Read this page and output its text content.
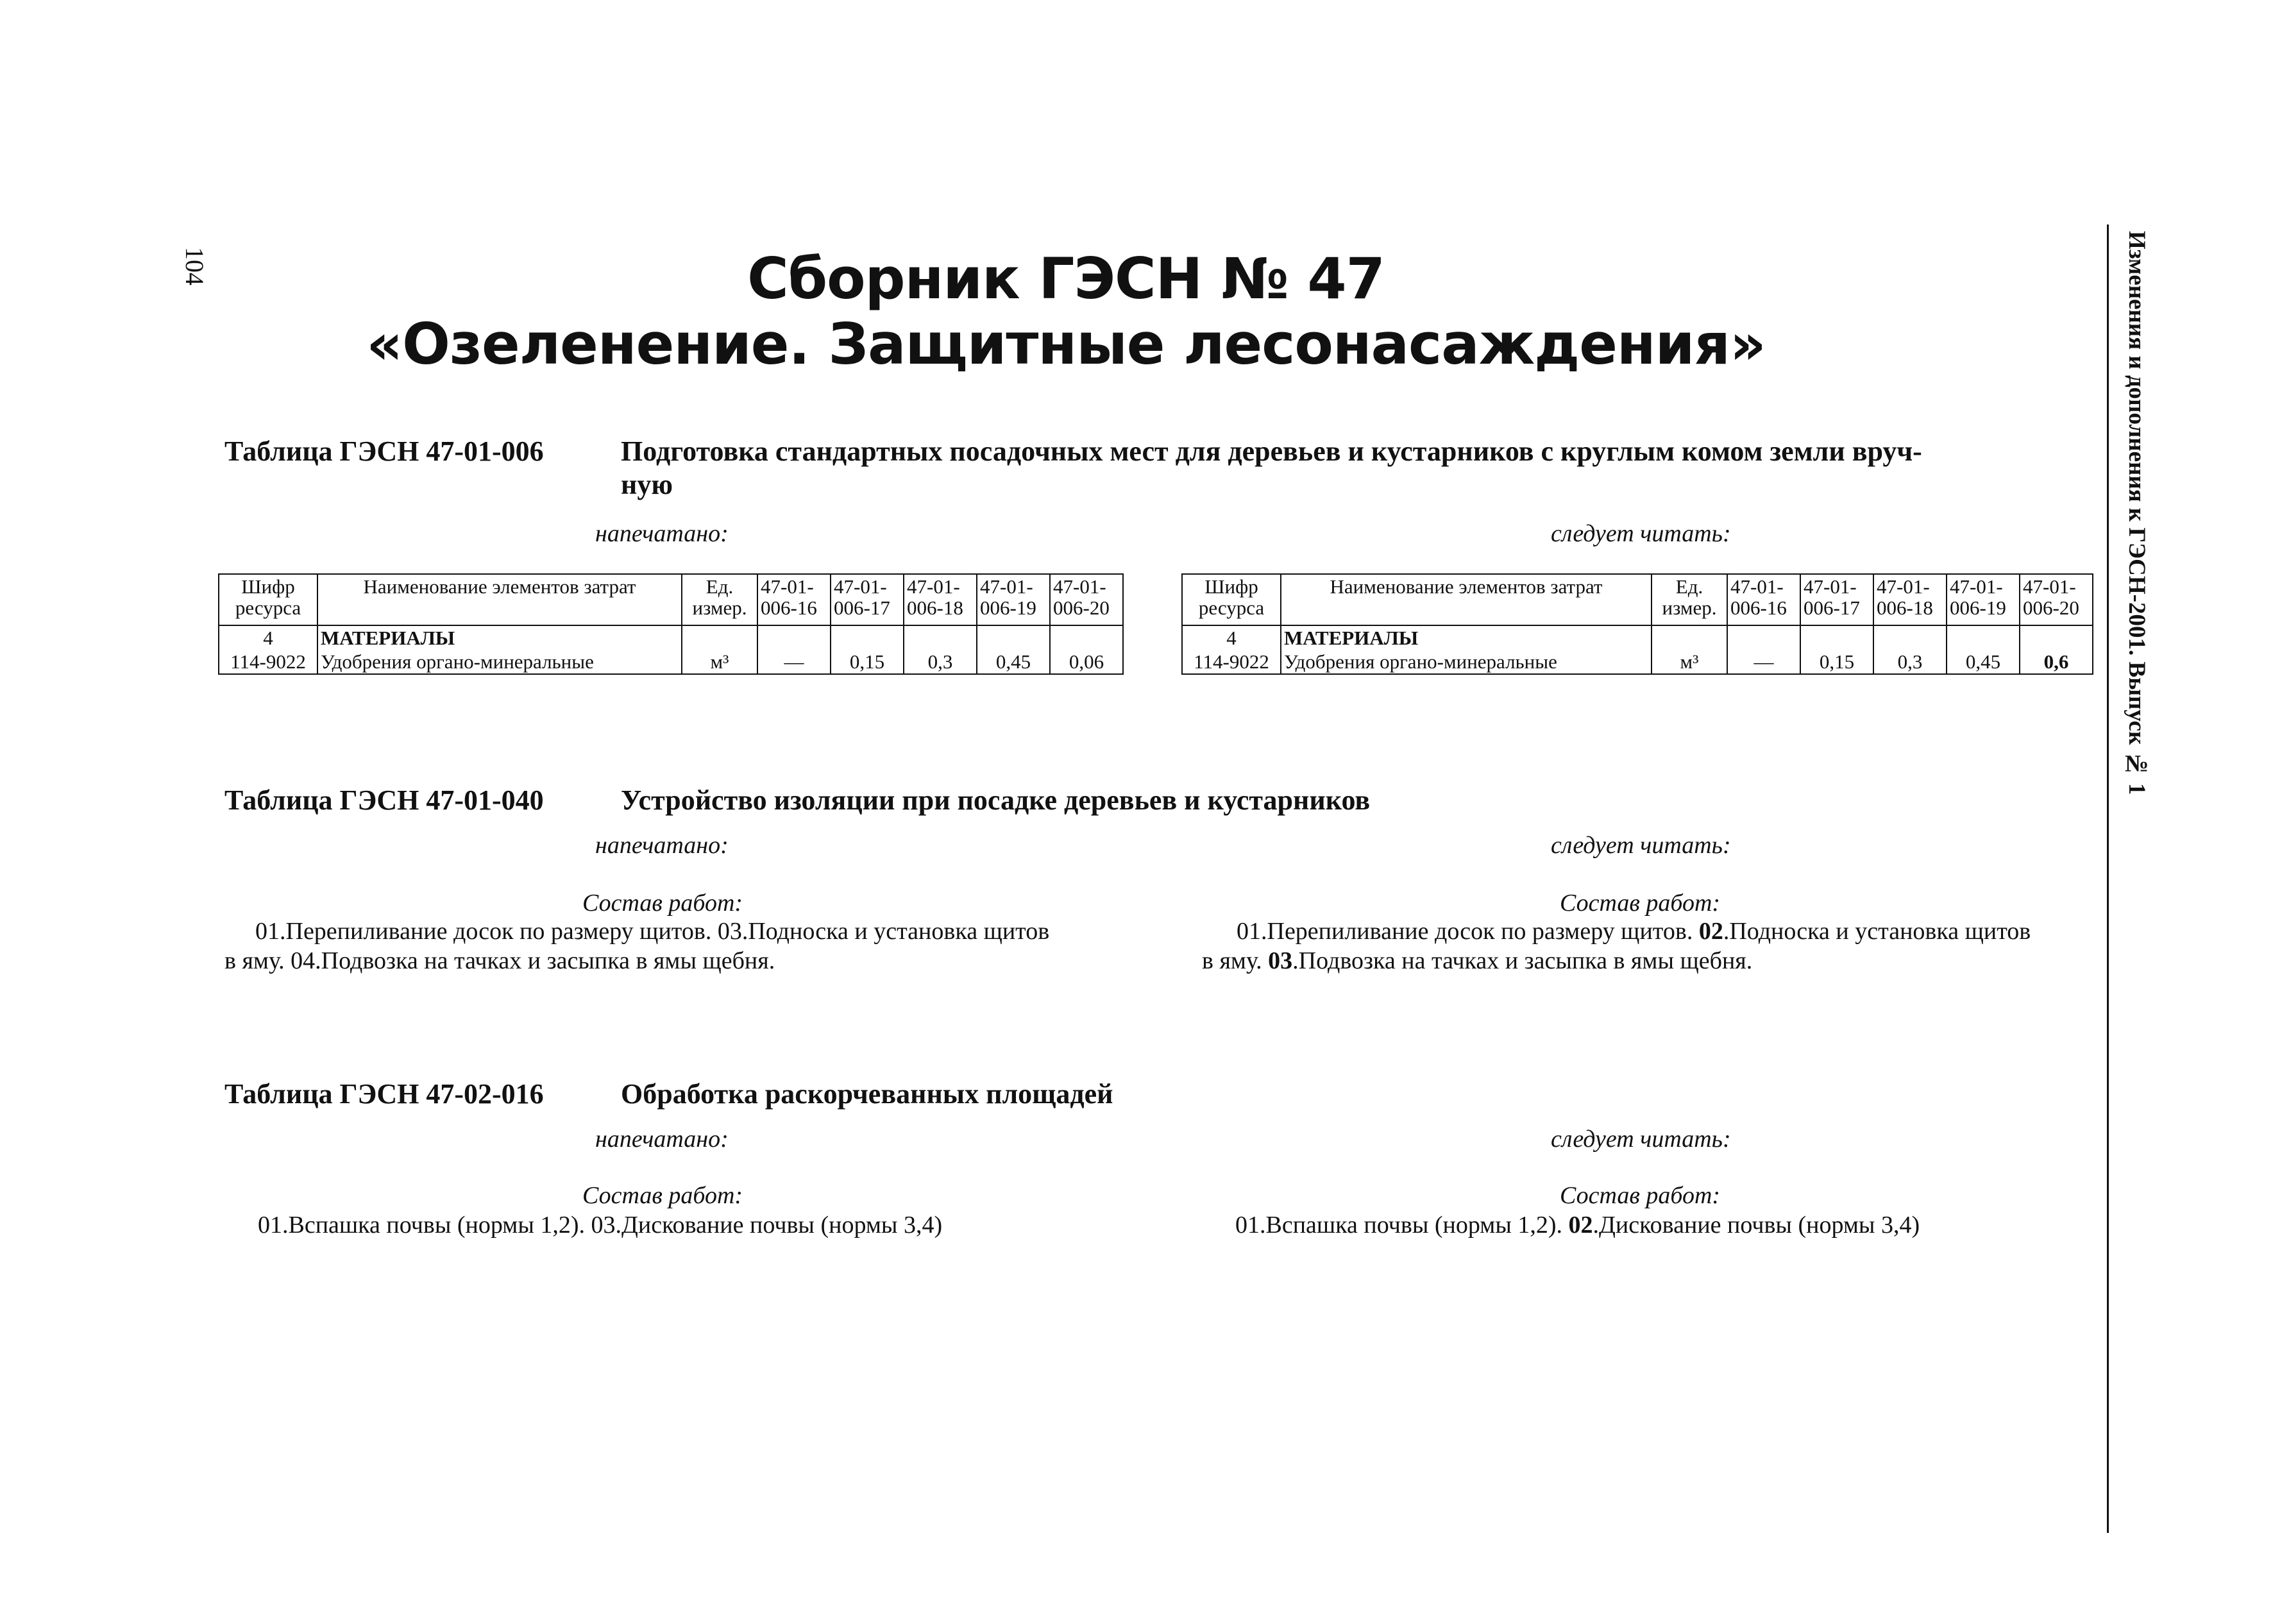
104	Изменения и дополнения к ГЭСН-2001. Выпуск № 1
Сборник ГЭСН № 47
«Озеленение. Защитные лесонасаждения»
Таблица ГЭСН 47-01-006	Подготовка стандартных посадочных мест для деревьев и кустарников с круглым комом земли вруч-
ную
напечатано:	следует читать:
Шифр ресурса	Наименование элементов затрат	Ед. измер.	47-01-006-16	47-01-006-17	47-01-006-18	47-01-006-19	47-01-006-20
4	МАТЕРИАЛЫ						
114-9022	Удобрения органо-минеральные	м³	—	0,15	0,3	0,45	0,06
Шифр ресурса	Наименование элементов затрат	Ед. измер.	47-01-006-16	47-01-006-17	47-01-006-18	47-01-006-19	47-01-006-20
4	МАТЕРИАЛЫ						
114-9022	Удобрения органо-минеральные	м³	—	0,15	0,3	0,45	0,6
Таблица ГЭСН 47-01-040	Устройство изоляции при посадке деревьев и кустарников
напечатано:	следует читать:
Состав работ:	Состав работ:
01.Перепиливание досок по размеру щитов. 03.Подноска и установка щитов
в яму. 04.Подвозка на тачках и засыпка в ямы щебня.
01.Перепиливание досок по размеру щитов. 02.Подноска и установка щитов
в яму. 03.Подвозка на тачках и засыпка в ямы щебня.
Таблица ГЭСН 47-02-016	Обработка раскорчеванных площадей
напечатано:	следует читать:
Состав работ:	Состав работ:
01.Вспашка почвы (нормы 1,2). 03.Дискование почвы (нормы 3,4)	01.Вспашка почвы (нормы 1,2). 02.Дискование почвы (нормы 3,4)
